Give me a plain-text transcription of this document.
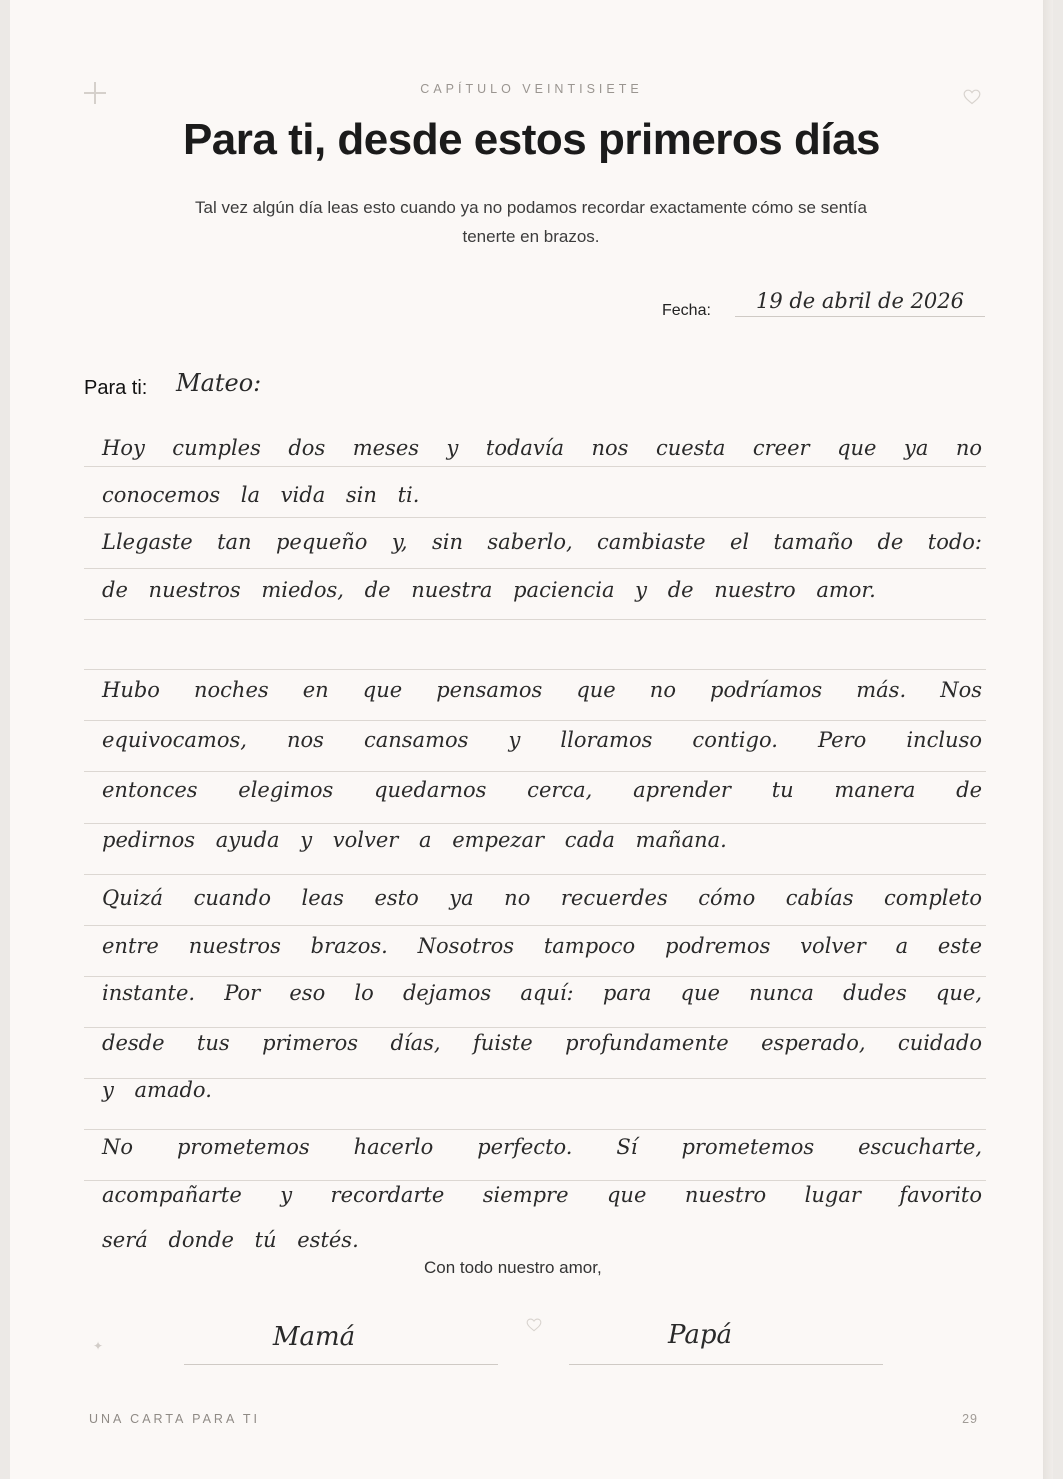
CAPÍTULO VEINTISIETE
Para ti, desde estos primeros días
Tal vez algún día leas esto cuando ya no podamos recordar exactamente cómo se sentía tenerte en brazos.
Fecha:	19 de abril de 2026
Para ti: Mateo:
Hoy cumples dos meses y todavía nos cuesta creer que ya no
conocemos la vida sin ti.
Llegaste tan pequeño y, sin saberlo, cambiaste el tamaño de todo:
de nuestros miedos, de nuestra paciencia y de nuestro amor.
Hubo noches en que pensamos que no podríamos más. Nos
equivocamos, nos cansamos y lloramos contigo. Pero incluso
entonces elegimos quedarnos cerca, aprender tu manera de
pedirnos ayuda y volver a empezar cada mañana.
Quizá cuando leas esto ya no recuerdes cómo cabías completo
entre nuestros brazos. Nosotros tampoco podremos volver a este
instante. Por eso lo dejamos aquí: para que nunca dudes que,
desde tus primeros días, fuiste profundamente esperado, cuidado
y amado.
No prometemos hacerlo perfecto. Sí prometemos escucharte,
acompañarte y recordarte siempre que nuestro lugar favorito
será donde tú estés.
Con todo nuestro amor,
✦	Mamá	Papá
UNA CARTA PARA TI	29
